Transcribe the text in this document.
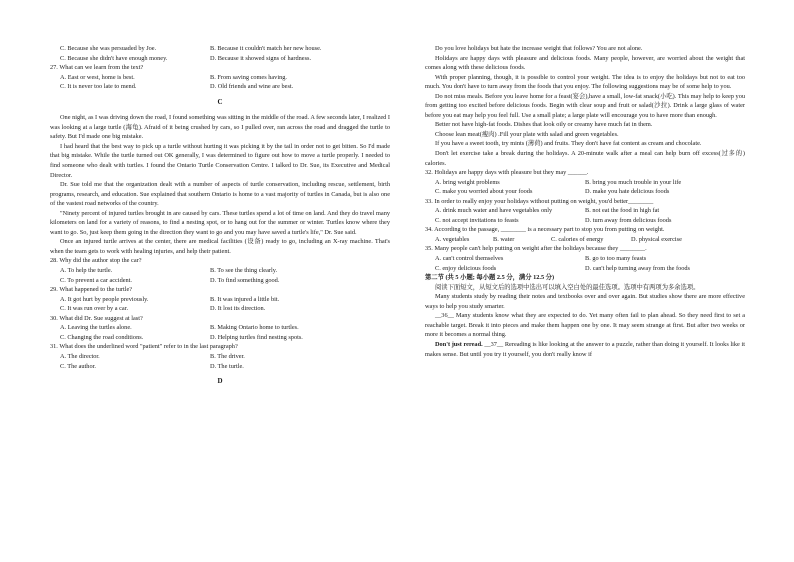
C. Because she was persuaded by Joe.	B. Because it couldn't match her new house.
C. Because she didn't have enough money.	D. Because it showed signs of hardness.
27. What can we learn from the text?
A. East or west, home is best.	B. From saving comes having.
C. It is never too late to mend.	D. Old friends and wine are best.
C
One night, as I was driving down the road, I found something was sitting in the middle of the road. A few seconds later, I realized I was looking at a large turtle (海龟). Afraid of it being crushed by cars, so I pulled over, ran across the road and dragged the turtle to safety. But I'd made one big mistake.
I had heard that the best way to pick up a turtle without hurting it was picking it by the tail in order not to get bitten. So I'd made that big mistake. While the turtle turned out OK generally, I was determined to figure out how to move a turtle properly. I needed to find someone who dealt with turtles. I found the Ontario Turtle Conservation Centre. I talked to Dr. Sue, its Executive and Medical Director.
Dr. Sue told me that the organization dealt with a number of aspects of turtle conservation, including rescue, settlement, birth programs, research, and education. Sue explained that southern Ontario is home to a vast majority of turtles in Canada, but is also one of the vastest road networks of the country.
"Ninety percent of injured turtles brought in are caused by cars. These turtles spend a lot of time on land. And they do travel many kilometers on land for a variety of reasons, to find a nesting spot, or to hang out for the summer or winter. Turtles know where they want to go. So, just keep them going in the direction they want to go and you may have saved a turtle's life," Dr. Sue said.
Once an injured turtle arrives at the center, there are medical facilities (设备) ready to go, including an X-ray machine. That's when the team gets to work with healing injuries, and help their patient.
28. Why did the author stop the car?
A. To help the turtle.	B. To see the thing clearly.
C. To prevent a car accident.	D. To find something good.
29. What happened to the turtle?
A. It got hurt by people previously.	B. It was injured a little bit.
C. It was run over by a car.	D. It lost its direction.
30. What did Dr. Sue suggest at last?
A. Leaving the turtles alone.	B. Making Ontario home to turtles.
C. Changing the road conditions.	D. Helping turtles find nesting spots.
31. What does the underlined word "patient" refer to in the last paragraph?
A. The director.	B. The driver.
C. The author.	D. The turtle.
D
Do you love holidays but hate the increase weight that follows? You are not alone.
Holidays are happy days with pleasure and delicious foods. Many people, however, are worried about the weight that comes along with these delicious foods.
With proper planning, though, it is possible to control your weight. The idea is to enjoy the holidays but not to eat too much. You don't have to turn away from the foods that you enjoy. The following suggestions may be of some help to you.
Do not miss meals. Before you leave home for a feast(宴会),have a small, low-fat snack(小吃). This may help to keep you from getting too excited before delicious foods. Begin with clear soup and fruit or salad(沙拉). Drink a large glass of water before you eat may help you feel full. Use a small plate; a large plate will encourage you to have more than enough.
Better not have high-fat foods. Dishes that look oily or creamy have much fat in them.
Choose lean meat(瘦肉) .Fill your plate with salad and green vegetables.
If you have a sweet tooth, try mints (薄荷) and fruits. They don't have fat content as cream and chocolate.
Don't let exercise take a break during the holidays. A 20-minute walk after a meal can help burn off excess(过多的) calories.
32. Holidays are happy days with pleasure but they may ______.
A. bring weight problems	B. bring you much trouble in your life
C. make you worried about your foods	D. make you hate delicious foods
33. In order to really enjoy your holidays without putting on weight, you'd better________
A. drink much water and have vegetables only	B. not eat the food in high fat
C. not accept invitations to feasts	D. turn away from delicious foods
34. According to the passage, ________ is a necessary part to stop you from putting on weight.
A. vegetables	B. water	C. calories of energy	D. physical exercise
35. Many people can't help putting on weight after the holidays because they ________.
A. can't control themselves	B. go to too many feasts
C. enjoy delicious foods	D. can't help turning away from the foods
第二节 (共 5 小题; 每小题 2.5 分，满分 12.5 分)
阅读下面短文，从短文后的选项中选出可以填入空白处的最佳选项。选项中有两项为多余选项。
Many students study by reading their notes and textbooks over and over again. But studies show there are more effective ways to help you study smarter.
__36__ Many students know what they are expected to do. Yet many often fail to plan ahead. So they need first to set a reachable target. Break it into pieces and make them happen one by one. It may seem strange at first. But after two weeks or more it becomes a normal thing.
Don't just reread. __37__ Rereading is like looking at the answer to a puzzle, rather than doing it yourself. It looks like it makes sense. But until you try it yourself, you don't really know if
